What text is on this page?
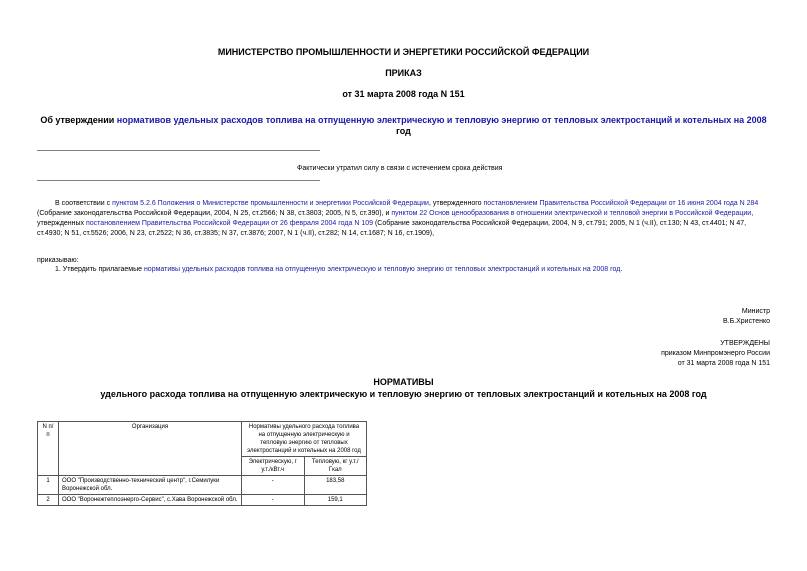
МИНИСТЕРСТВО ПРОМЫШЛЕННОСТИ И ЭНЕРГЕТИКИ РОССИЙСКОЙ ФЕДЕРАЦИИ
ПРИКАЗ
от 31 марта 2008 года N 151
Об утверждении нормативов удельных расходов топлива на отпущенную электрическую и тепловую энергию от тепловых электростанций и котельных на 2008
год
Фактически утратил силу в связи с истечением срока действия
В соответствии с пунктом 5.2.6 Положения о Министерстве промышленности и энергетики Российской Федерации, утвержденного постановлением Правительства Российской Федерации от 16 июня 2004 года N 284 (Собрание законодательства Российской Федерации, 2004, N 25, ст.2566; N 38, ст.3803; 2005, N 5, ст.390), и пунктом 22 Основ ценообразования в отношении электрической и тепловой энергии в Российской Федерации, утвержденных постановлением Правительства Российской Федерации от 26 февраля 2004 года N 109 (Собрание законодательства Российской Федерации, 2004, N 9, ст.791; 2005, N 1 (ч.II), ст.130; N 43, ст.4401; N 47, ст.4930; N 51, ст.5526; 2006, N 23, ст.2522; N 36, ст.3835; N 37, ст.3876; 2007, N 1 (ч.II), ст.282; N 14, ст.1687; N 16, ст.1909),
приказываю:
1. Утвердить прилагаемые нормативы удельных расходов топлива на отпущенную электрическую и тепловую энергию от тепловых электростанций и котельных на 2008 год.
Министр
В.Б.Христенко
УТВЕРЖДЕНЫ
приказом Минпромэнерго России
от 31 марта 2008 года N 151
НОРМАТИВЫ
удельного расхода топлива на отпущенную электрическую и тепловую энергию от тепловых электростанций и котельных на 2008 год
N п/п	Организация	Нормативы удельного расхода топлива на отпущенную электрическую и тепловую энергию от тепловых электростанций и котельных на 2008 год	
		Электрическую, г у.т./кВт.ч	Тепловую, кг у.т./Гкал
1	ООО "Производственно-технический центр", г.Семилуки Воронежской обл.	-	183,58
2	ООО "Воронежтеплоэнерго-Сервис", с.Хава Воронежской обл.	-	159,1
